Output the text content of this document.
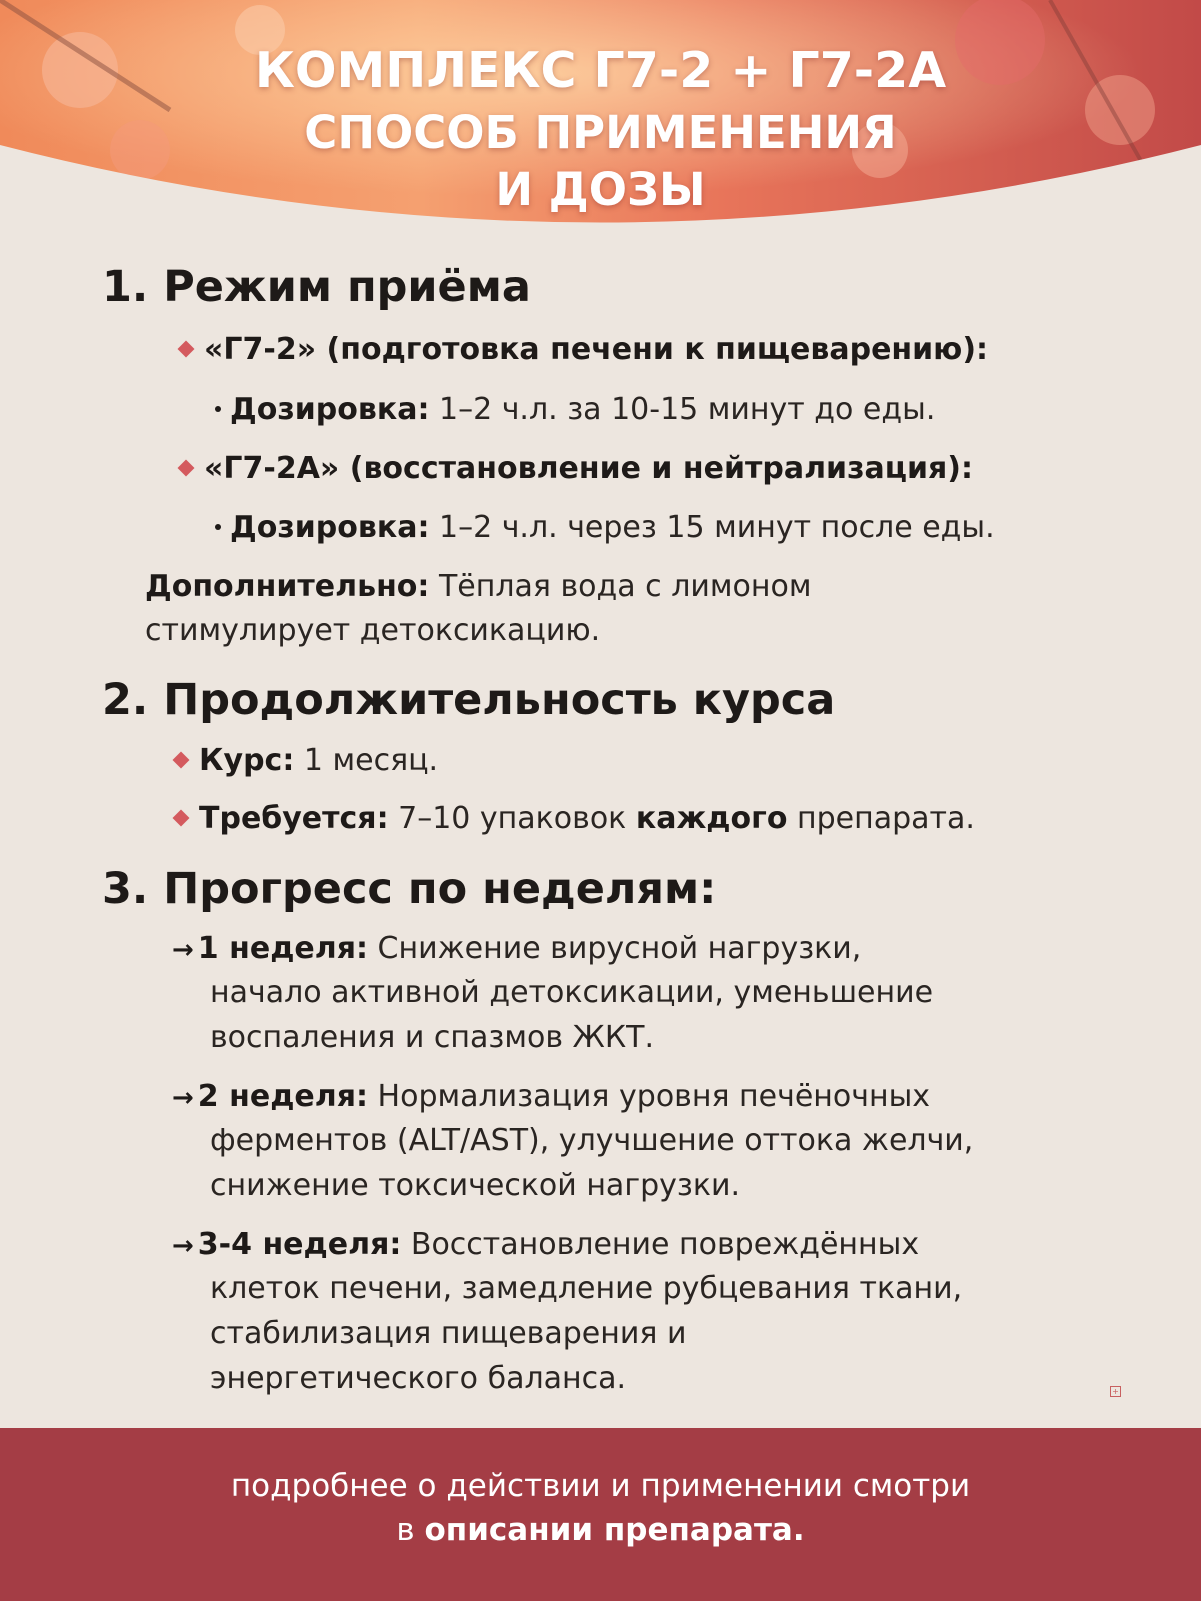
КОМПЛЕКС Г7-2 + Г7-2А
СПОСОБ ПРИМЕНЕНИЯ
И ДОЗЫ
1. Режим приёма
«Г7-2» (подготовка печени к пищеварению):
Дозировка: 1–2 ч.л. за 10-15 минут до еды.
«Г7-2А» (восстановление и нейтрализация):
Дозировка: 1–2 ч.л. через 15 минут после еды.
Дополнительно: Тёплая вода с лимоном
стимулирует детоксикацию.
2. Продолжительность курса
Курс: 1 месяц.
Требуется: 7–10 упаковок каждого препарата.
3. Прогресс по неделям:
→ 1 неделя: Снижение вирусной нагрузки,
начало активной детоксикации, уменьшение
воспаления и спазмов ЖКТ.
→ 2 неделя: Нормализация уровня печёночных
ферментов (ALT/AST), улучшение оттока желчи,
снижение токсической нагрузки.
→ 3-4 неделя: Восстановление повреждённых
клеток печени, замедление рубцевания ткани,
стабилизация пищеварения и
энергетического баланса.	+
подробнее о действии и применении смотри
в описании препарата.
